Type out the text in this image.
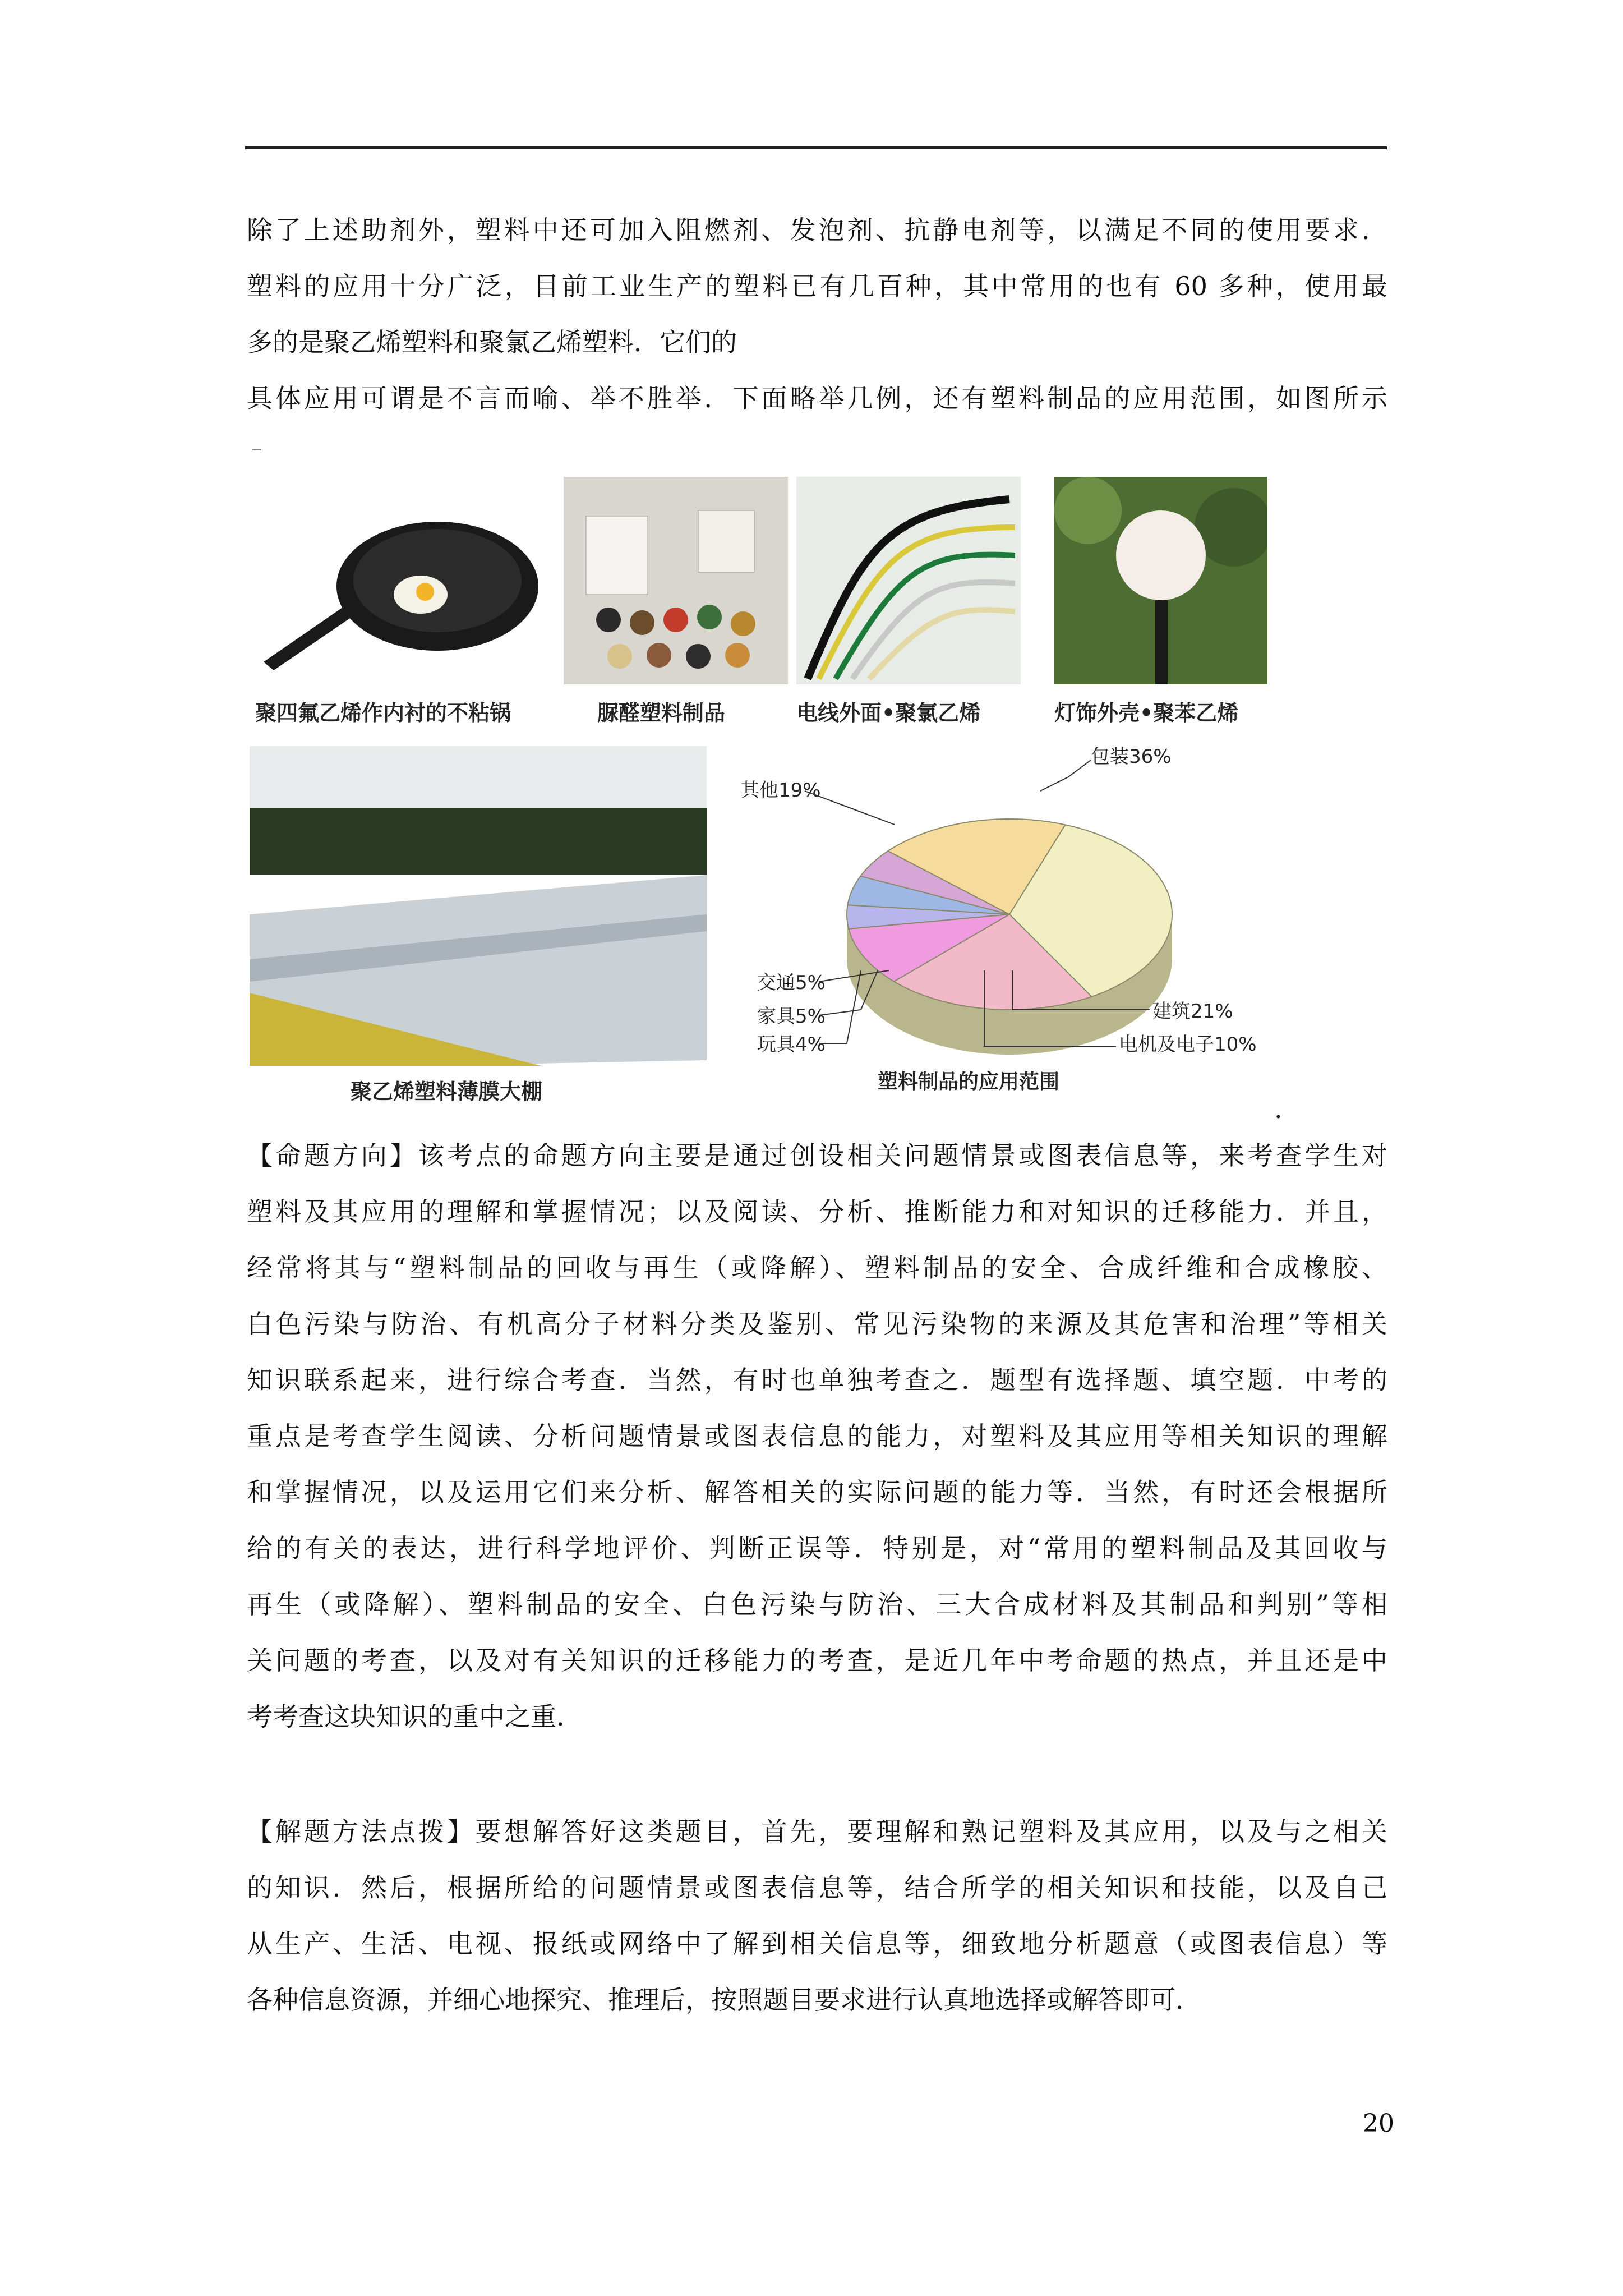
除了上述助剂外，塑料中还可加入阻燃剂、发泡剂、抗静电剂等，以满足不同的使用要求．
塑料的应用十分广泛，目前工业生产的塑料已有几百种，其中常用的也有 60 多种，使用最
多的是聚乙烯塑料和聚氯乙烯塑料．它们的
具体应用可谓是不言而喻、举不胜举．下面略举几例，还有塑料制品的应用范围，如图所示
聚四氟乙烯作内衬的不粘锅	脲醛塑料制品	电线外面•聚氯乙烯	灯饰外壳•聚苯乙烯
聚乙烯塑料薄膜大棚
包装36%
其他19%
交通5%
家具5%
玩具4%
建筑21%
电机及电子10%
塑料制品的应用范围
.
【命题方向】该考点的命题方向主要是通过创设相关问题情景或图表信息等，来考查学生对
塑料及其应用的理解和掌握情况；以及阅读、分析、推断能力和对知识的迁移能力．并且，
经常将其与“塑料制品的回收与再生（或降解）、塑料制品的安全、合成纤维和合成橡胶、
白色污染与防治、有机高分子材料分类及鉴别、常见污染物的来源及其危害和治理”等相关
知识联系起来，进行综合考查．当然，有时也单独考查之．题型有选择题、填空题．中考的
重点是考查学生阅读、分析问题情景或图表信息的能力，对塑料及其应用等相关知识的理解
和掌握情况，以及运用它们来分析、解答相关的实际问题的能力等．当然，有时还会根据所
给的有关的表达，进行科学地评价、判断正误等．特别是，对“常用的塑料制品及其回收与
再生（或降解）、塑料制品的安全、白色污染与防治、三大合成材料及其制品和判别”等相
关问题的考查，以及对有关知识的迁移能力的考查，是近几年中考命题的热点，并且还是中
考考查这块知识的重中之重．
【解题方法点拨】要想解答好这类题目，首先，要理解和熟记塑料及其应用，以及与之相关
的知识．然后，根据所给的问题情景或图表信息等，结合所学的相关知识和技能，以及自己
从生产、生活、电视、报纸或网络中了解到相关信息等，细致地分析题意（或图表信息）等
各种信息资源，并细心地探究、推理后，按照题目要求进行认真地选择或解答即可．
20
